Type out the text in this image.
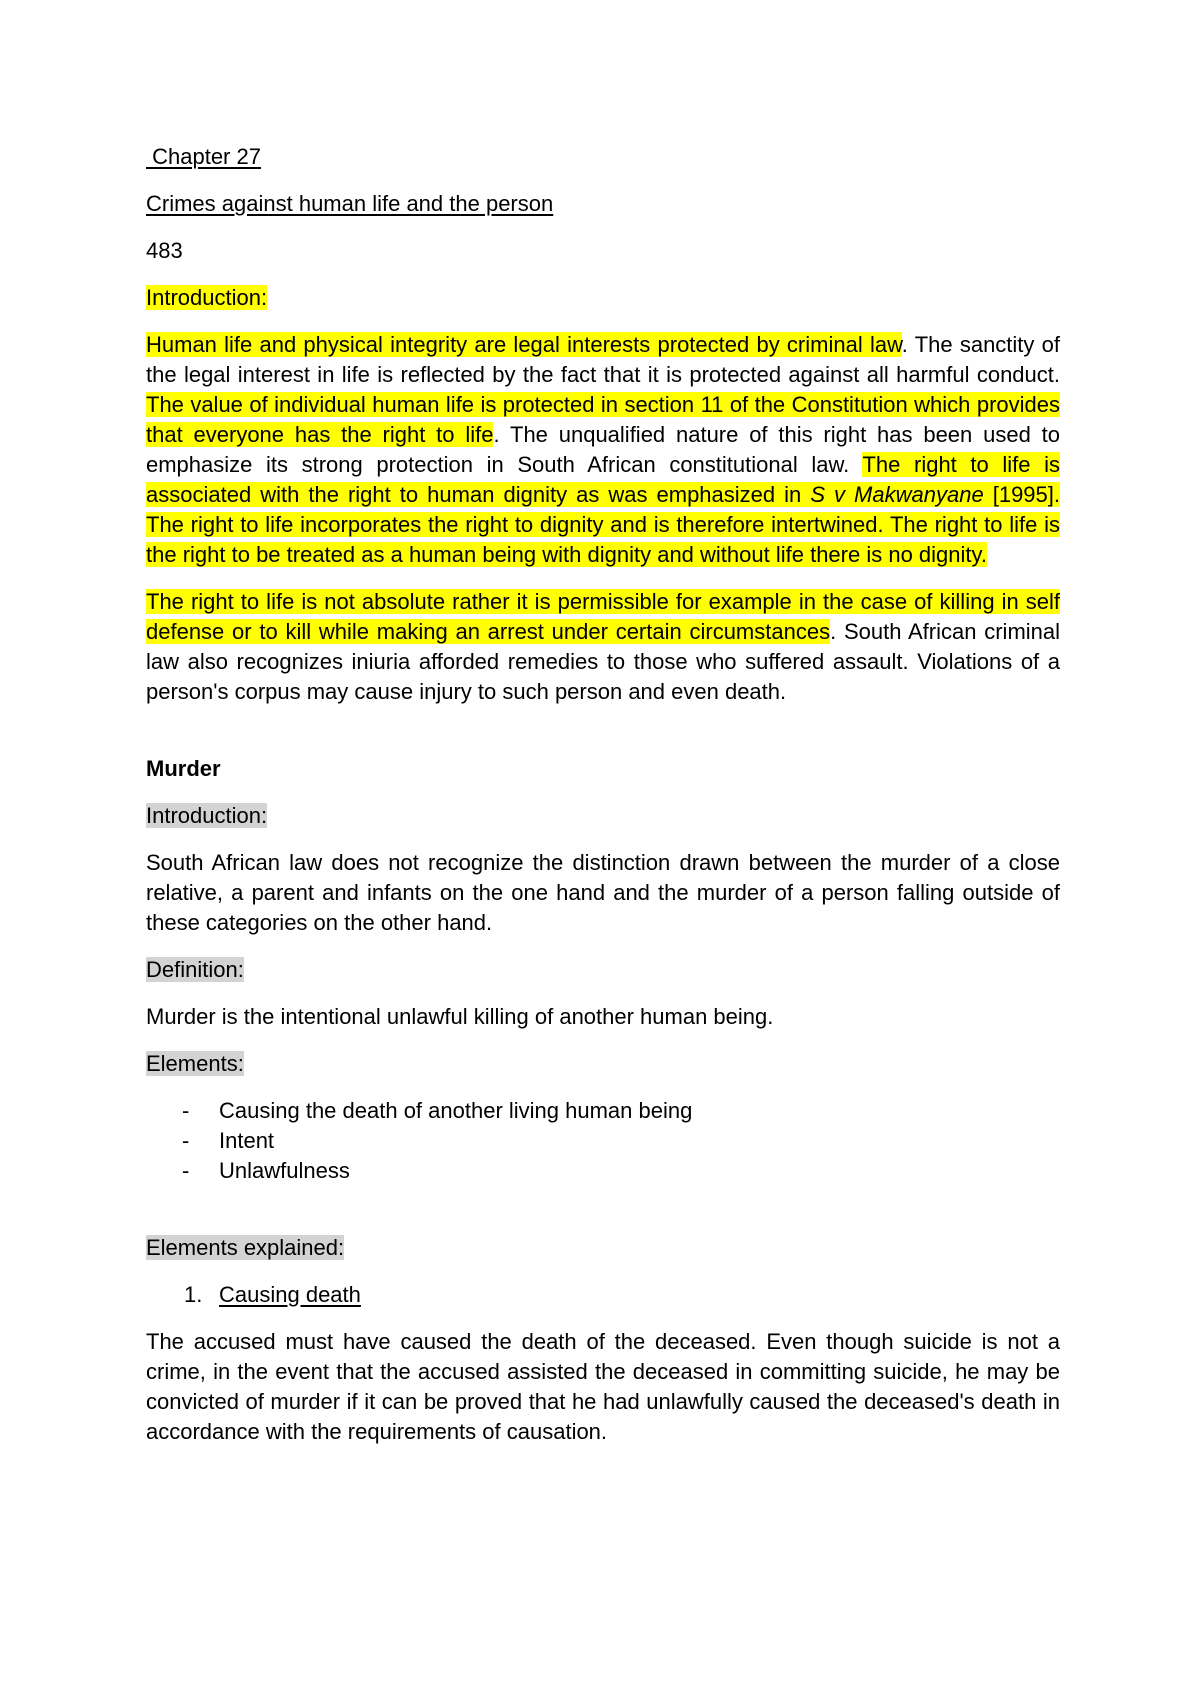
Chapter 27

Crimes against human life and the person

483

Introduction:

Human life and physical integrity are legal interests protected by criminal law. The sanctity of the legal interest in life is reflected by the fact that it is protected against all harmful conduct. The value of individual human life is protected in section 11 of the Constitution which provides that everyone has the right to life. The unqualified nature of this right has been used to emphasize its strong protection in South African constitutional law. The right to life is associated with the right to human dignity as was emphasized in S v Makwanyane [1995]. The right to life incorporates the right to dignity and is therefore intertwined. The right to life is the right to be treated as a human being with dignity and without life there is no dignity.

The right to life is not absolute rather it is permissible for example in the case of killing in self defense or to kill while making an arrest under certain circumstances. South African criminal law also recognizes iniuria afforded remedies to those who suffered assault. Violations of a person's corpus may cause injury to such person and even death.

Murder

Introduction:

South African law does not recognize the distinction drawn between the murder of a close relative, a parent and infants on the one hand and the murder of a person falling outside of these categories on the other hand.

Definition:

Murder is the intentional unlawful killing of another human being.

Elements:

- Causing the death of another living human being
- Intent
- Unlawfulness

Elements explained:

1. Causing death

The accused must have caused the death of the deceased. Even though suicide is not a crime, in the event that the accused assisted the deceased in committing suicide, he may be convicted of murder if it can be proved that he had unlawfully caused the deceased's death in accordance with the requirements of causation.
